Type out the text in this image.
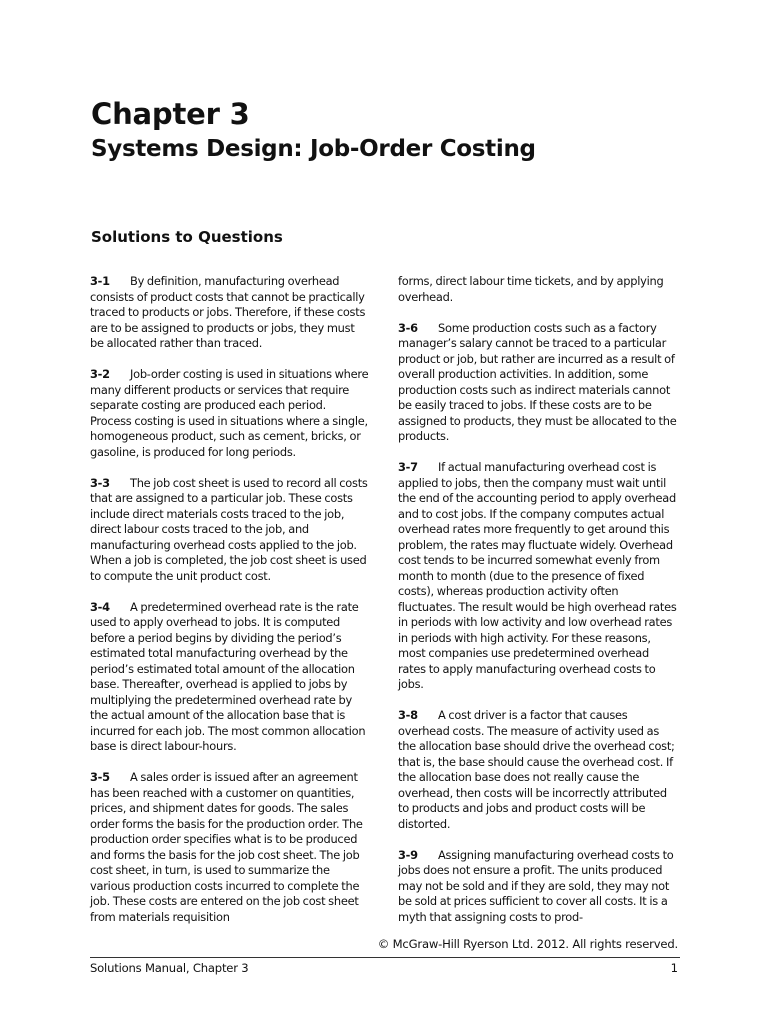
Chapter 3
Systems Design: Job-Order Costing
Solutions to Questions

3-1 By definition, manufacturing overhead consists of product costs that cannot be practically traced to products or jobs. Therefore, if these costs are to be assigned to products or jobs, they must be allocated rather than traced.

3-2 Job-order costing is used in situations where many different products or services that require separate costing are produced each period. Process costing is used in situations where a single, homogeneous product, such as cement, bricks, or gasoline, is produced for long periods.

3-3 The job cost sheet is used to record all costs that are assigned to a particular job. These costs include direct materials costs traced to the job, direct labour costs traced to the job, and manufacturing overhead costs applied to the job. When a job is completed, the job cost sheet is used to compute the unit product cost.

3-4 A predetermined overhead rate is the rate used to apply overhead to jobs. It is computed before a period begins by dividing the period’s estimated total manufacturing overhead by the period’s estimated total amount of the allocation base. Thereafter, overhead is applied to jobs by multiplying the predetermined overhead rate by the actual amount of the allocation base that is incurred for each job. The most common allocation base is direct labour-hours.

3-5 A sales order is issued after an agreement has been reached with a customer on quantities, prices, and shipment dates for goods. The sales order forms the basis for the production order. The production order specifies what is to be produced and forms the basis for the job cost sheet. The job cost sheet, in turn, is used to summarize the various production costs incurred to complete the job. These costs are entered on the job cost sheet from materials requisition

forms, direct labour time tickets, and by applying overhead.

3-6 Some production costs such as a factory manager’s salary cannot be traced to a particular product or job, but rather are incurred as a result of overall production activities. In addition, some production costs such as indirect materials cannot be easily traced to jobs. If these costs are to be assigned to products, they must be allocated to the products.

3-7 If actual manufacturing overhead cost is applied to jobs, then the company must wait until the end of the accounting period to apply overhead and to cost jobs. If the company computes actual overhead rates more frequently to get around this problem, the rates may fluctuate widely. Overhead cost tends to be incurred somewhat evenly from month to month (due to the presence of fixed costs), whereas production activity often fluctuates. The result would be high overhead rates in periods with low activity and low overhead rates in periods with high activity. For these reasons, most companies use predetermined overhead rates to apply manufacturing overhead costs to jobs.

3-8 A cost driver is a factor that causes overhead costs. The measure of activity used as the allocation base should drive the overhead cost; that is, the base should cause the overhead cost. If the allocation base does not really cause the overhead, then costs will be incorrectly attributed to products and jobs and product costs will be distorted.

3-9 Assigning manufacturing overhead costs to jobs does not ensure a profit. The units produced may not be sold and if they are sold, they may not be sold at prices sufficient to cover all costs. It is a myth that assigning costs to prod-

© McGraw-Hill Ryerson Ltd. 2012. All rights reserved.
Solutions Manual, Chapter 3	1
